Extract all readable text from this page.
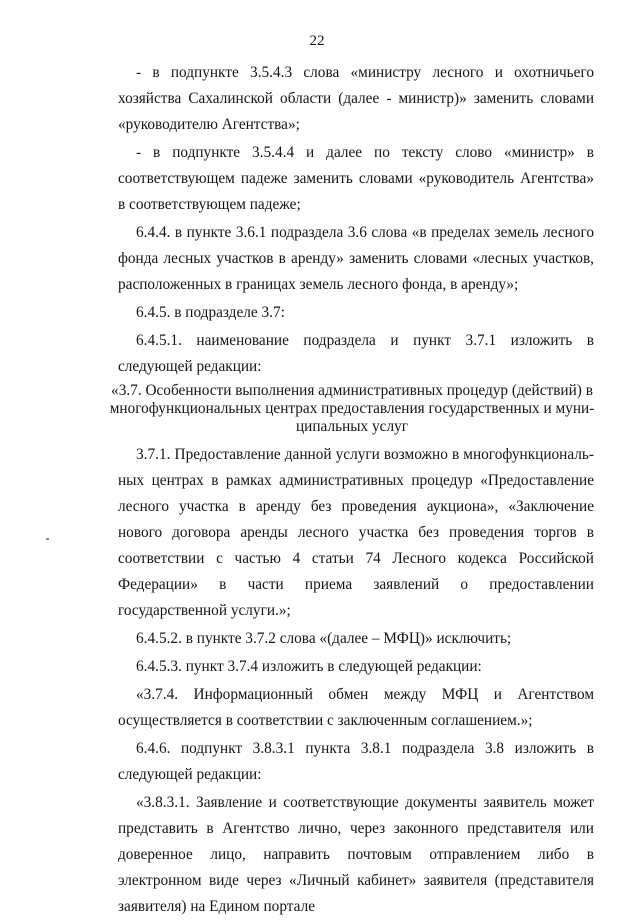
22

- в подпункте 3.5.4.3 слова «министру лесного и охотничьего хозяйства Сахалинской области (далее - министр)» заменить словами «руководителю Агентства»;

- в подпункте 3.5.4.4 и далее по тексту слово «министр» в соответствующем падеже заменить словами «руководитель Агентства» в соответствующем падеже;

6.4.4. в пункте 3.6.1 подраздела 3.6 слова «в пределах земель лесного фонда лесных участков в аренду» заменить словами «лесных участков, расположенных в границах земель лесного фонда, в аренду»;

6.4.5. в подразделе 3.7:

6.4.5.1. наименование подраздела и пункт 3.7.1 изложить в следующей редакции:

«3.7. Особенности выполнения административных процедур (действий) в многофункциональных центрах предоставления государственных и муниципальных услуг

3.7.1. Предоставление данной услуги возможно в многофункциональных центрах в рамках административных процедур «Предоставление лесного участка в аренду без проведения аукциона», «Заключение нового договора аренды лесного участка без проведения торгов в соответствии с частью 4 статьи 74 Лесного кодекса Российской Федерации» в части приема заявлений о предоставлении государственной услуги.»;

6.4.5.2. в пункте 3.7.2 слова «(далее – МФЦ)» исключить;

6.4.5.3. пункт 3.7.4 изложить в следующей редакции:

«3.7.4. Информационный обмен между МФЦ и Агентством осуществляется в соответствии с заключенным соглашением.»;

6.4.6. подпункт 3.8.3.1 пункта 3.8.1 подраздела 3.8 изложить в следующей редакции:

«3.8.3.1. Заявление и соответствующие документы заявитель может представить в Агентство лично, через законного представителя или доверенное лицо, направить почтовым отправлением либо в электронном виде через «Личный кабинет» заявителя (представителя заявителя) на Едином портале
